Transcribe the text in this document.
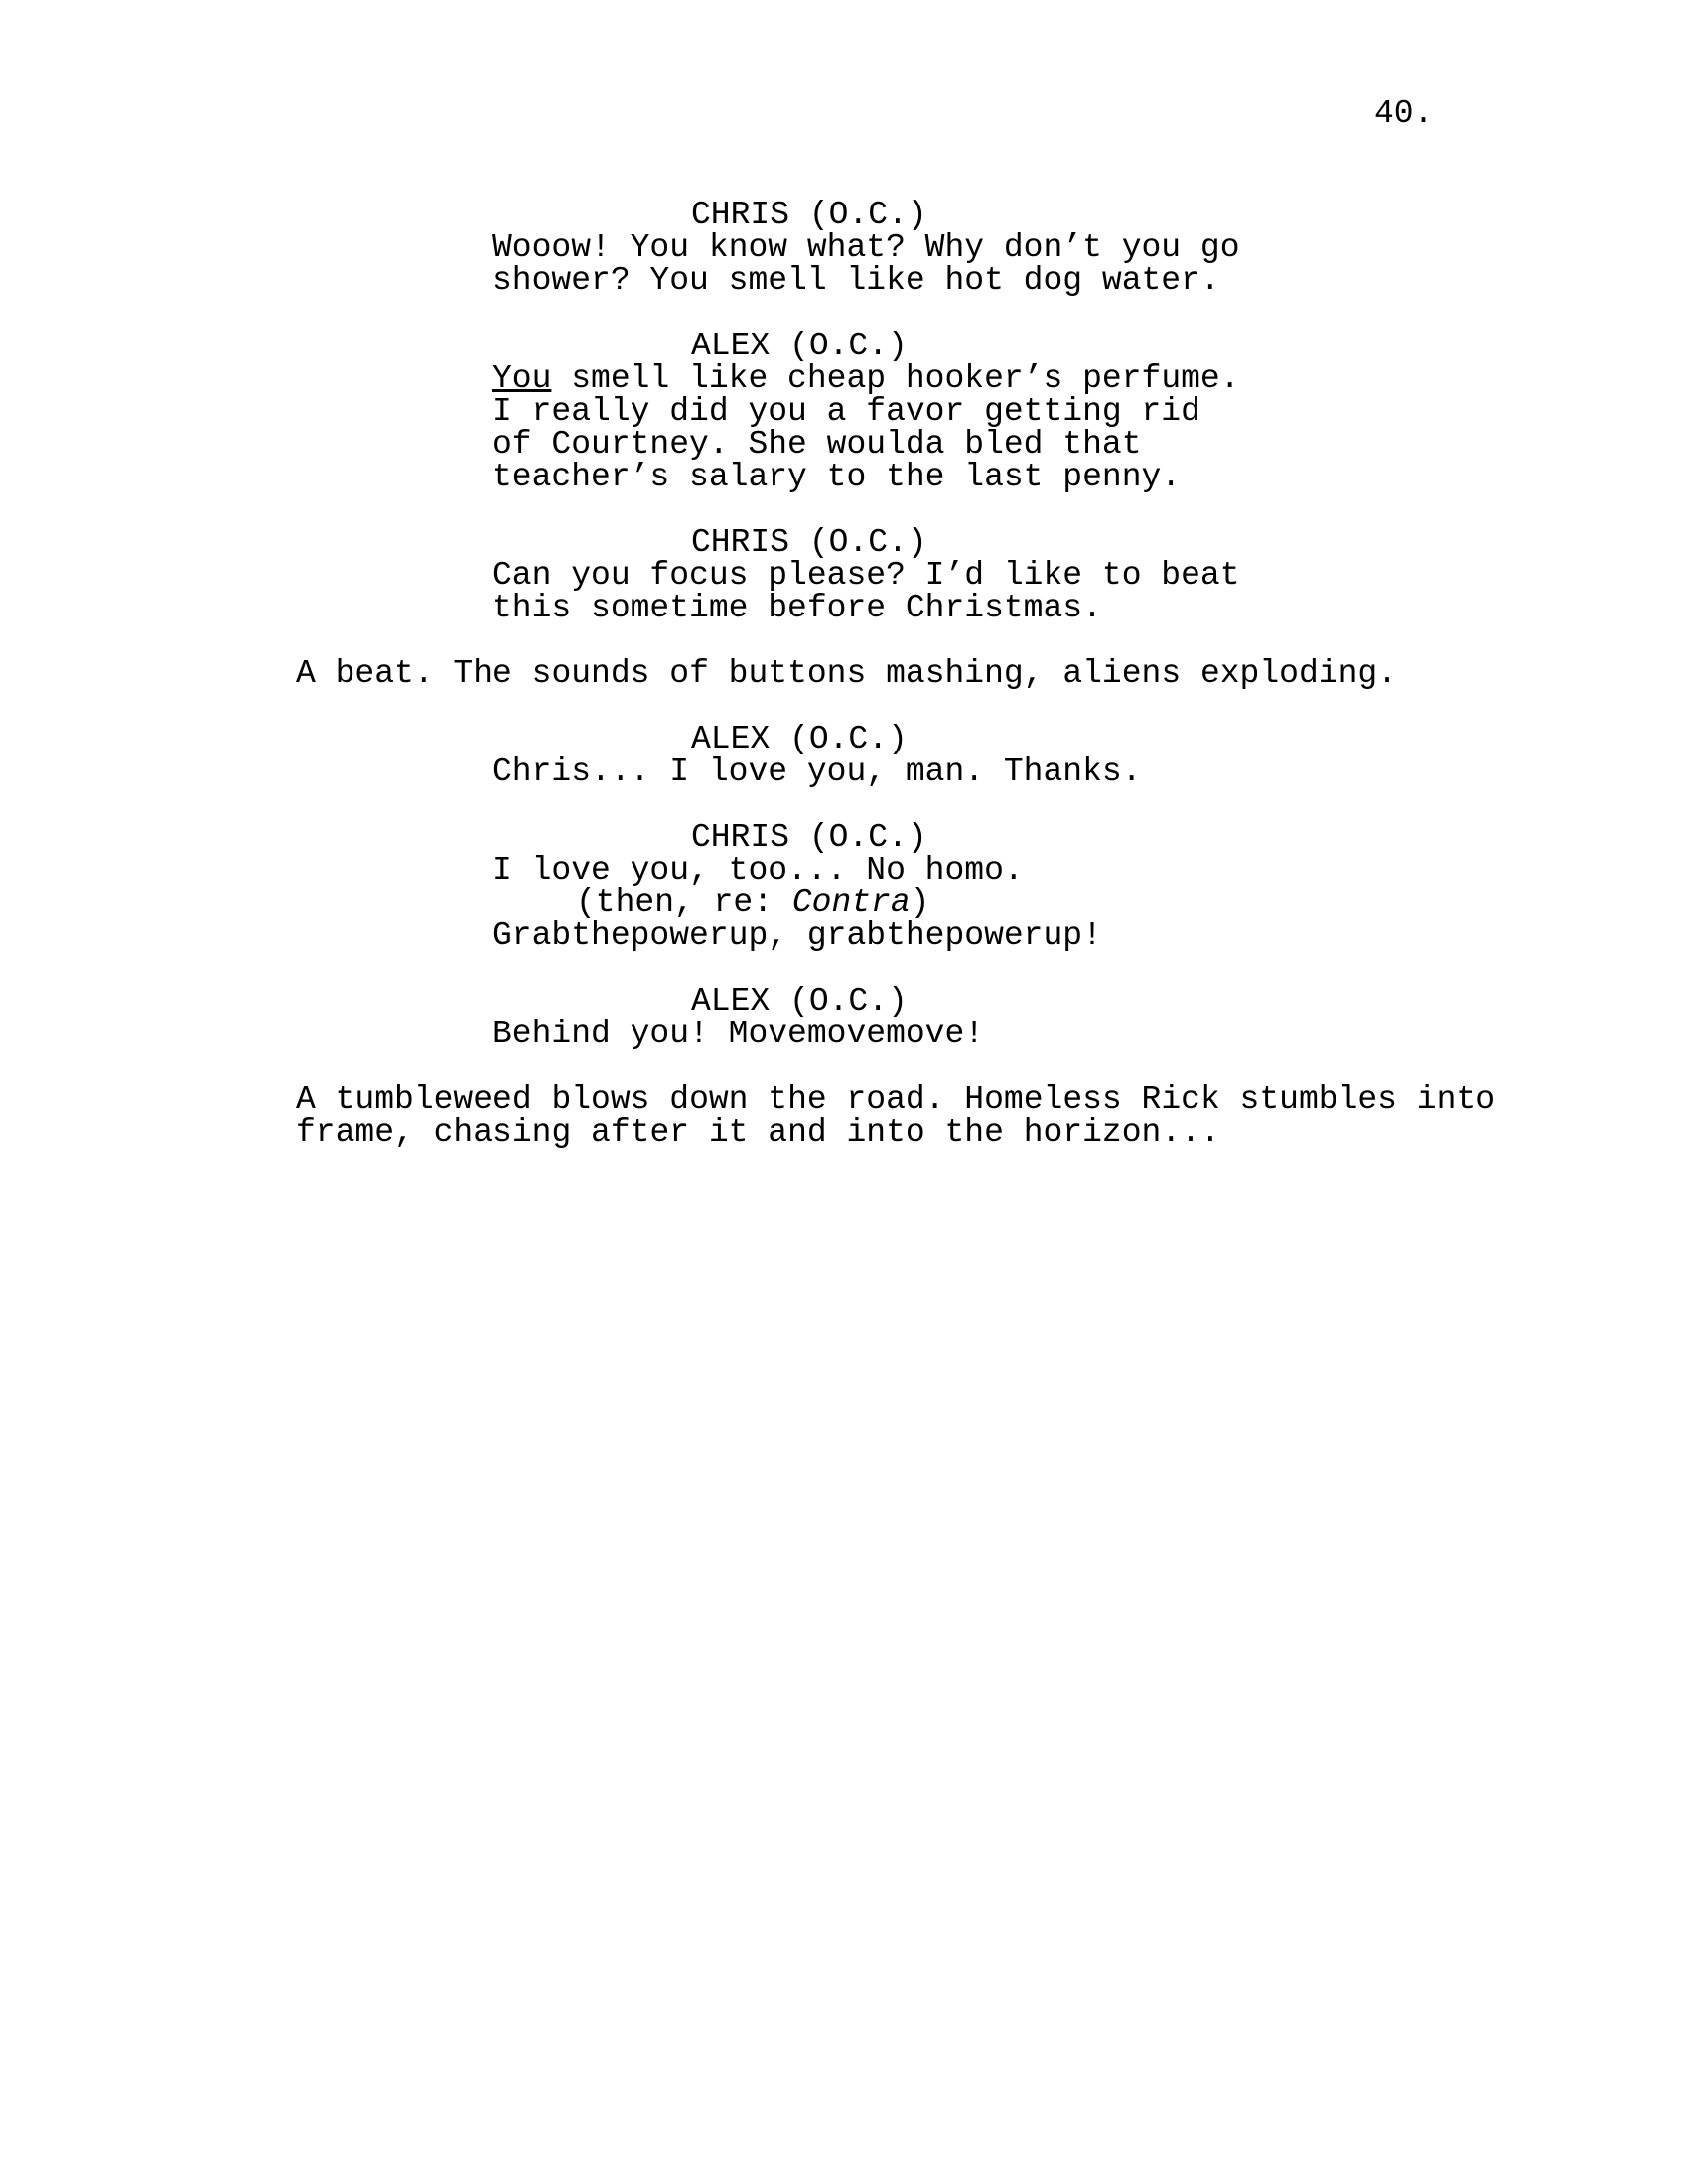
40.
CHRIS (O.C.)
Wooow! You know what? Why don’t you go
shower? You smell like hot dog water.
ALEX (O.C.)
You smell like cheap hooker’s perfume.
I really did you a favor getting rid
of Courtney. She woulda bled that
teacher’s salary to the last penny.
CHRIS (O.C.)
Can you focus please? I’d like to beat
this sometime before Christmas.
A beat. The sounds of buttons mashing, aliens exploding.
ALEX (O.C.)
Chris... I love you, man. Thanks.
CHRIS (O.C.)
I love you, too... No homo.
(then, re: Contra)
Grabthepowerup, grabthepowerup!
ALEX (O.C.)
Behind you! Movemovemove!
A tumbleweed blows down the road. Homeless Rick stumbles into
frame, chasing after it and into the horizon...
